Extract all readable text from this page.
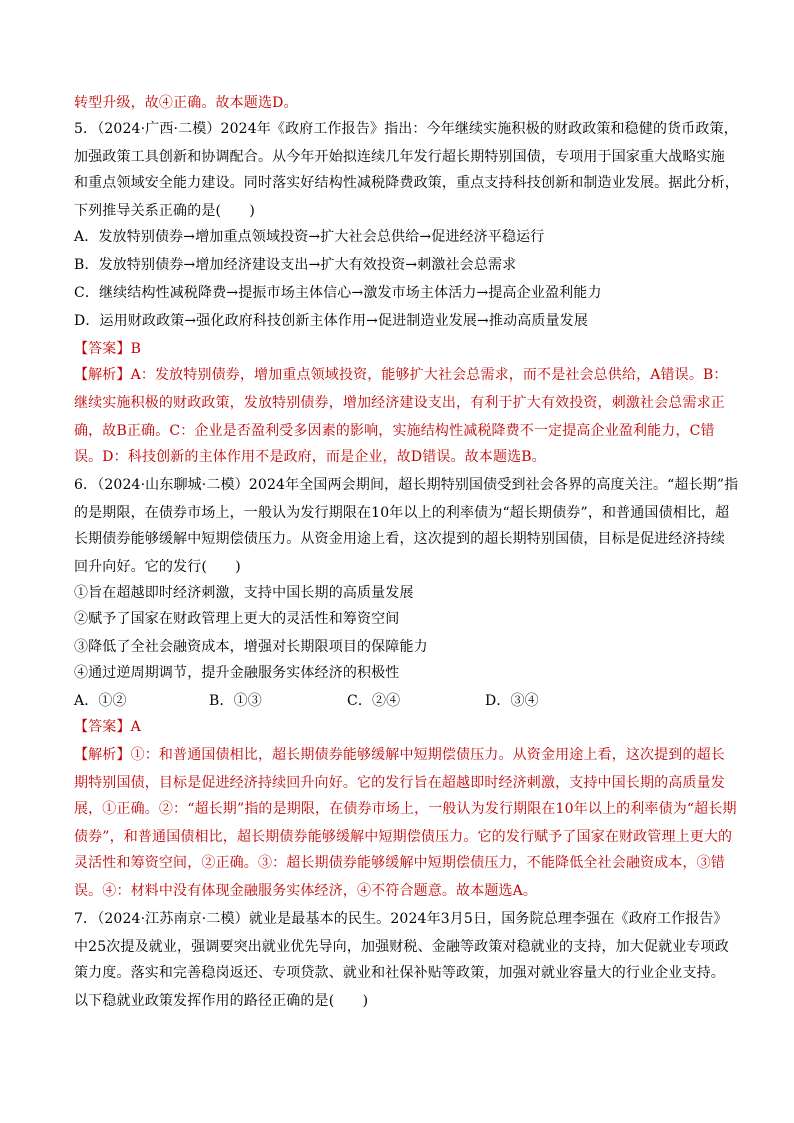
转型升级，故④正确。故本题选D。
5．（2024·广西·二模）2024年《政府工作报告》指出：今年继续实施积极的财政政策和稳健的货币政策，
加强政策工具创新和协调配合。从今年开始拟连续几年发行超长期特别国债，专项用于国家重大战略实施
和重点领域安全能力建设。同时落实好结构性减税降费政策，重点支持科技创新和制造业发展。据此分析，
下列推导关系正确的是(　　)
A．发放特别债券→增加重点领域投资→扩大社会总供给→促进经济平稳运行
B．发放特别债券→增加经济建设支出→扩大有效投资→刺激社会总需求
C．继续结构性减税降费→提振市场主体信心→激发市场主体活力→提高企业盈利能力
D．运用财政政策→强化政府科技创新主体作用→促进制造业发展→推动高质量发展
【答案】B
【解析】A：发放特别债券，增加重点领域投资，能够扩大社会总需求，而不是社会总供给，A错误。B：
继续实施积极的财政政策，发放特别债券，增加经济建设支出，有利于扩大有效投资，刺激社会总需求正
确，故B正确。C：企业是否盈利受多因素的影响，实施结构性减税降费不一定提高企业盈利能力，C错
误。D：科技创新的主体作用不是政府，而是企业，故D错误。故本题选B。
6．（2024·山东聊城·二模）2024年全国两会期间，超长期特别国债受到社会各界的高度关注。“超长期”指
的是期限，在债券市场上，一般认为发行期限在10年以上的利率债为“超长期债券”，和普通国债相比，超
长期债券能够缓解中短期偿债压力。从资金用途上看，这次提到的超长期特别国债，目标是促进经济持续
回升向好。它的发行(　　)
①旨在超越即时经济刺激，支持中国长期的高质量发展
②赋予了国家在财政管理上更大的灵活性和筹资空间
③降低了全社会融资成本，增强对长期限项目的保障能力
④通过逆周期调节，提升金融服务实体经济的积极性
【答案】A
【解析】①：和普通国债相比，超长期债券能够缓解中短期偿债压力。从资金用途上看，这次提到的超长
期特别国债，目标是促进经济持续回升向好。它的发行旨在超越即时经济刺激，支持中国长期的高质量发
展，①正确。②：“超长期”指的是期限，在债券市场上，一般认为发行期限在10年以上的利率债为“超长期
债券”，和普通国债相比，超长期债券能够缓解中短期偿债压力。它的发行赋予了国家在财政管理上更大的
灵活性和筹资空间，②正确。③：超长期债券能够缓解中短期偿债压力，不能降低全社会融资成本，③错
误。④：材料中没有体现金融服务实体经济，④不符合题意。故本题选A。
7．（2024·江苏南京·二模）就业是最基本的民生。2024年3月5日，国务院总理李强在《政府工作报告》
中25次提及就业，强调要突出就业优先导向，加强财税、金融等政策对稳就业的支持，加大促就业专项政
策力度。落实和完善稳岗返还、专项贷款、就业和社保补贴等政策，加强对就业容量大的行业企业支持。
以下稳就业政策发挥作用的路径正确的是(　　)
A．①②	B．①③	C．②④	D．③④
